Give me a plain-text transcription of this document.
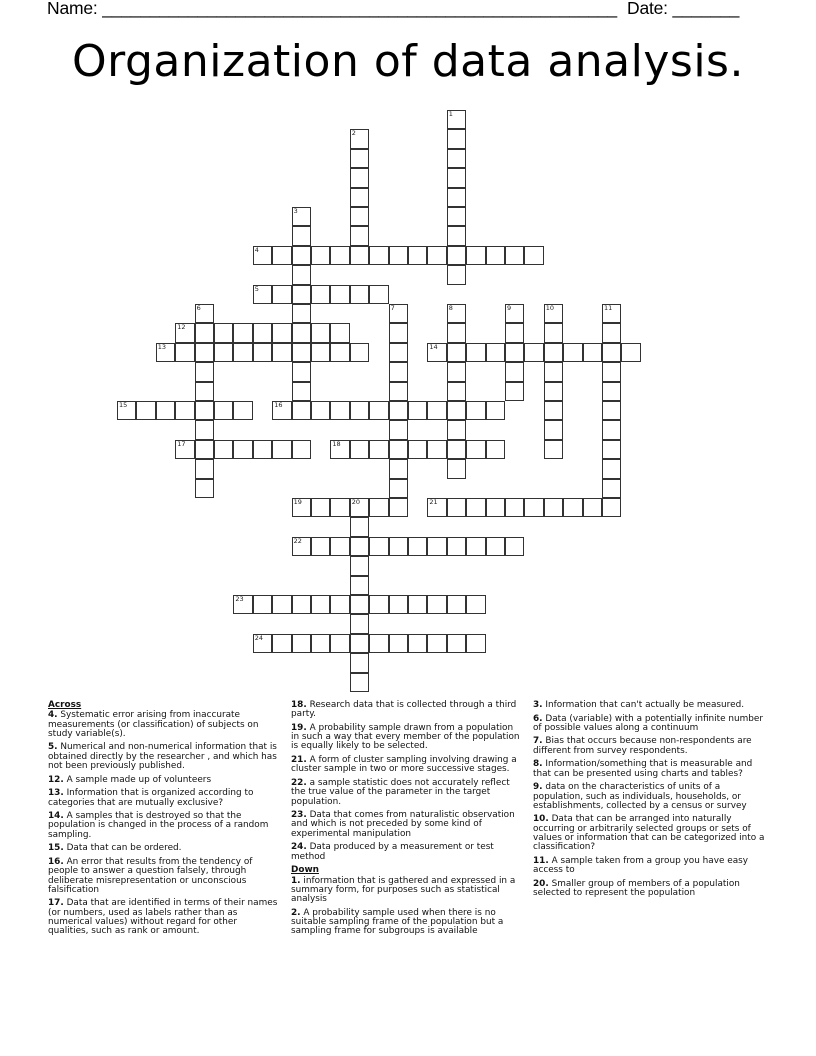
Name: ______________________________________________________ Date: _______
Organization of data analysis.
1
2
3
4
5
6	7	8	9	10	11
12
13	14
15	16
17	18
19	20	21
22
23
24
Across
4. Systematic error arising from inaccurate measurements (or classification) of subjects on study variable(s).
5. Numerical and non-numerical information that is obtained directly by the researcher , and which has not been previously published.
12. A sample made up of volunteers
13. Information that is organized according to categories that are mutually exclusive?
14. A samples that is destroyed so that the population is changed in the process of a random sampling.
15. Data that can be ordered.
16. An error that results from the tendency of people to answer a question falsely, through deliberate misrepresentation or unconscious falsification
17. Data that are identified in terms of their names (or numbers, used as labels rather than as numerical values) without regard for other qualities, such as rank or amount.
18. Research data that is collected through a third party.
19. A probability sample drawn from a population in such a way that every member of the population is equally likely to be selected.
21. A form of cluster sampling involving drawing a cluster sample in two or more successive stages.
22. a sample statistic does not accurately reflect the true value of the parameter in the target population.
23. Data that comes from naturalistic observation and which is not preceded by some kind of experimental manipulation
24. Data produced by a measurement or test method
Down
1. information that is gathered and expressed in a summary form, for purposes such as statistical analysis
2. A probability sample used when there is no suitable sampling frame of the population but a sampling frame for subgroups is available
3. Information that can't actually be measured.
6. Data (variable) with a potentially infinite number of possible values along a continuum
7. Bias that occurs because non-respondents are different from survey respondents.
8. Information/something that is measurable and that can be presented using charts and tables?
9. data on the characteristics of units of a population, such as individuals, households, or establishments, collected by a census or survey
10. Data that can be arranged into naturally occurring or arbitrarily selected groups or sets of values or information that can be categorized into a classification?
11. A sample taken from a group you have easy access to
20. Smaller group of members of a population selected to represent the population
